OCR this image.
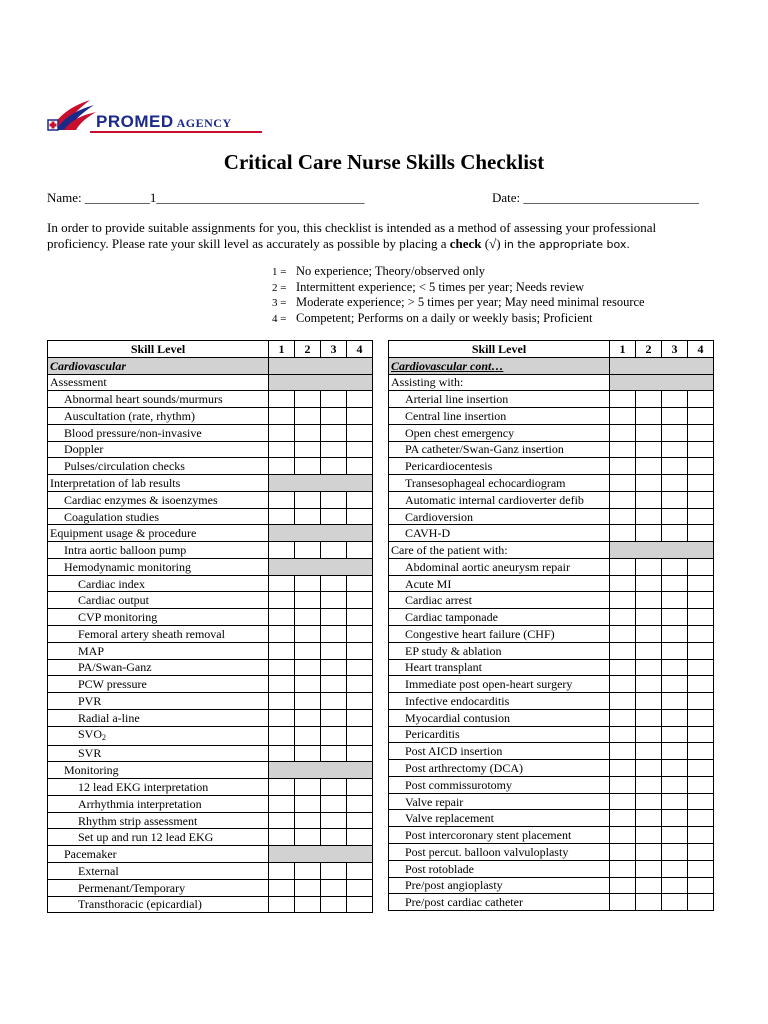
PROMED AGENCY
Critical Care Nurse Skills Checklist
Name: __________1________________________________	Date: ___________________________
In order to provide suitable assignments for you, this checklist is intended as a method of assessing your professional proficiency. Please rate your skill level as accurately as possible by placing a check (√) in the appropriate box.
1 = No experience; Theory/observed only
2 = Intermittent experience; < 5 times per year; Needs review
3 = Moderate experience; > 5 times per year; May need minimal resource
4 = Competent; Performs on a daily or weekly basis; Proficient
Skill Level	1	2	3	4
Cardiovascular				
Assessment				
Abnormal heart sounds/murmurs				
Auscultation (rate, rhythm)				
Blood pressure/non-invasive				
Doppler				
Pulses/circulation checks				
Interpretation of lab results				
Cardiac enzymes & isoenzymes				
Coagulation studies				
Equipment usage & procedure				
Intra aortic balloon pump				
Hemodynamic monitoring				
Cardiac index				
Cardiac output				
CVP monitoring				
Femoral artery sheath removal				
MAP				
PA/Swan-Ganz				
PCW pressure				
PVR				
Radial a-line				
$SVO_2$				
SVR				
Monitoring				
12 lead EKG interpretation				
Arrhythmia interpretation				
Rhythm strip assessment				
Set up and run 12 lead EKG				
Pacemaker				
External				
Permenant/Temporary				
Transthoracic (epicardial)				
Skill Level	1	2	3	4
Cardiovascular cont…				
Assisting with:				
Arterial line insertion				
Central line insertion				
Open chest emergency				
PA catheter/Swan-Ganz insertion				
Pericardiocentesis				
Transesophageal echocardiogram				
Automatic internal cardioverter defib				
Cardioversion				
CAVH-D				
Care of the patient with:				
Abdominal aortic aneurysm repair				
Acute MI				
Cardiac arrest				
Cardiac tamponade				
Congestive heart failure (CHF)				
EP study & ablation				
Heart transplant				
Immediate post open-heart surgery				
Infective endocarditis				
Myocardial contusion				
Pericarditis				
Post AICD insertion				
Post arthrectomy (DCA)				
Post commissurotomy				
Valve repair				
Valve replacement				
Post intercoronary stent placement				
Post percut. balloon valvuloplasty				
Post rotoblade				
Pre/post angioplasty				
Pre/post cardiac catheter				
